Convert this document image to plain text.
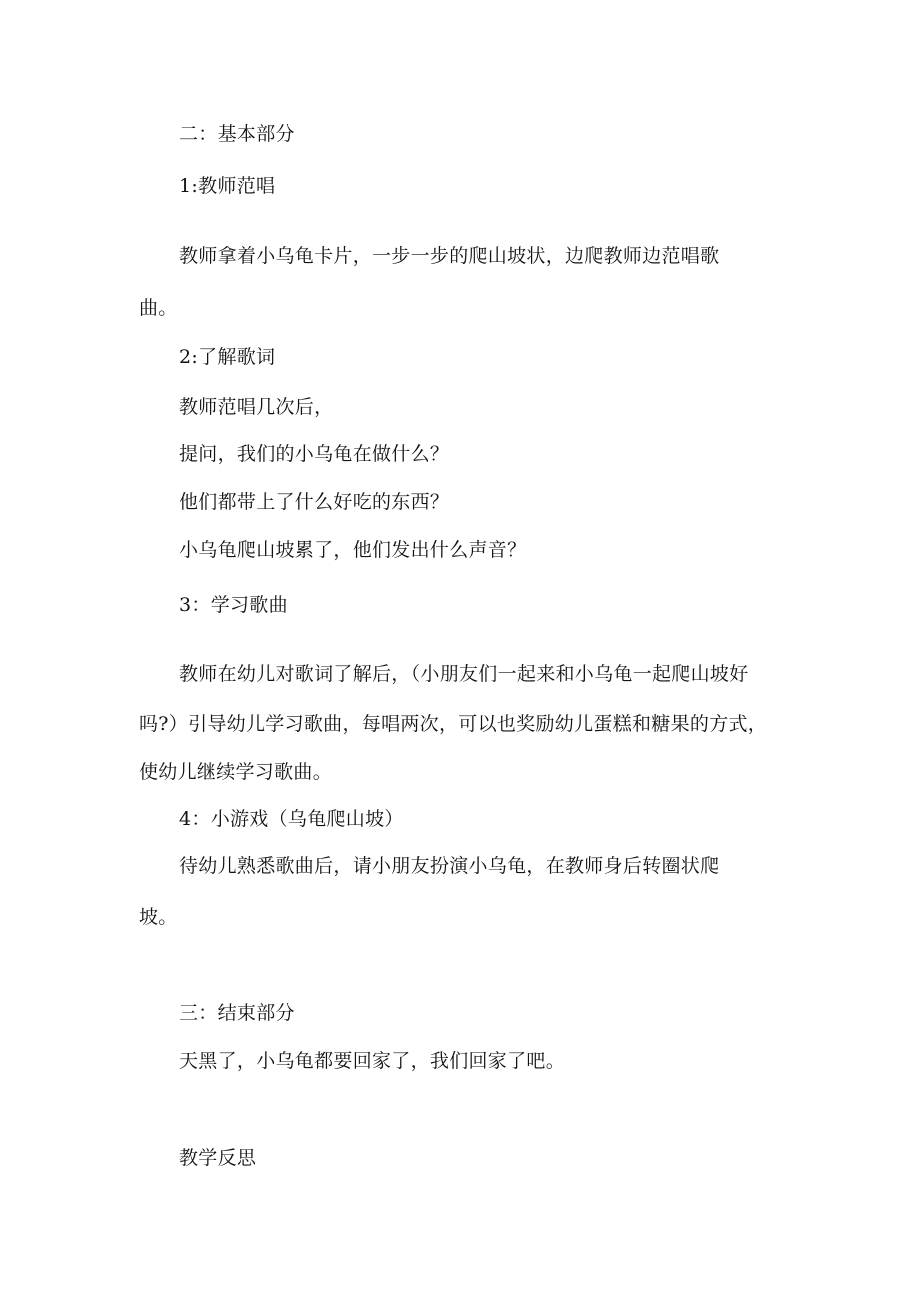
二：基本部分

1:教师范唱

教师拿着小乌龟卡片，一步一步的爬山坡状，边爬教师边范唱歌

曲。

2:了解歌词

教师范唱几次后，

提问，我们的小乌龟在做什么？

他们都带上了什么好吃的东西？

小乌龟爬山坡累了，他们发出什么声音？

3：学习歌曲

教师在幼儿对歌词了解后，（小朋友们一起来和小乌龟一起爬山坡好

吗?）引导幼儿学习歌曲，每唱两次，可以也奖励幼儿蛋糕和糖果的方式，

使幼儿继续学习歌曲。

4：小游戏（乌龟爬山坡）

待幼儿熟悉歌曲后，请小朋友扮演小乌龟，在教师身后转圈状爬

坡。

三：结束部分

天黑了，小乌龟都要回家了，我们回家了吧。

教学反思
